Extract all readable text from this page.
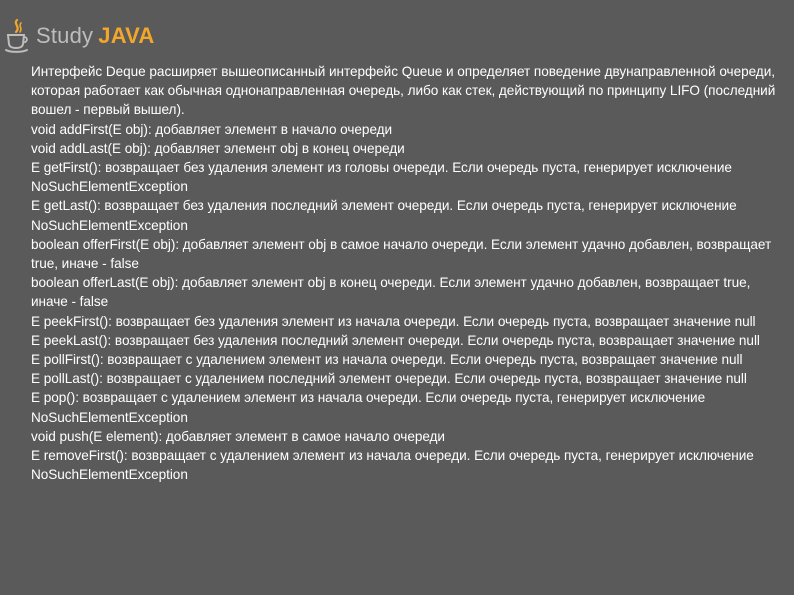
Study JAVA

Интерфейс Deque расширяет вышеописанный интерфейс Queue и определяет поведение двунаправленной очереди, которая работает как обычная однонаправленная очередь, либо как стек, действующий по принципу LIFO (последний вошел - первый вышел).

void addFirst(E obj): добавляет элемент в начало очереди

void addLast(E obj): добавляет элемент obj в конец очереди

E getFirst(): возвращает без удаления элемент из головы очереди. Если очередь пуста, генерирует исключение NoSuchElementException

E getLast(): возвращает без удаления последний элемент очереди. Если очередь пуста, генерирует исключение NoSuchElementException

boolean offerFirst(E obj): добавляет элемент obj в самое начало очереди. Если элемент удачно добавлен, возвращает true, иначе - false

boolean offerLast(E obj): добавляет элемент obj в конец очереди. Если элемент удачно добавлен, возвращает true, иначе - false

E peekFirst(): возвращает без удаления элемент из начала очереди. Если очередь пуста, возвращает значение null

E peekLast(): возвращает без удаления последний элемент очереди. Если очередь пуста, возвращает значение null

E pollFirst(): возвращает с удалением элемент из начала очереди. Если очередь пуста, возвращает значение null

E pollLast(): возвращает с удалением последний элемент очереди. Если очередь пуста, возвращает значение null

E pop(): возвращает с удалением элемент из начала очереди. Если очередь пуста, генерирует исключение NoSuchElementException

void push(E element): добавляет элемент в самое начало очереди

E removeFirst(): возвращает с удалением элемент из начала очереди. Если очередь пуста, генерирует исключение NoSuchElementException
